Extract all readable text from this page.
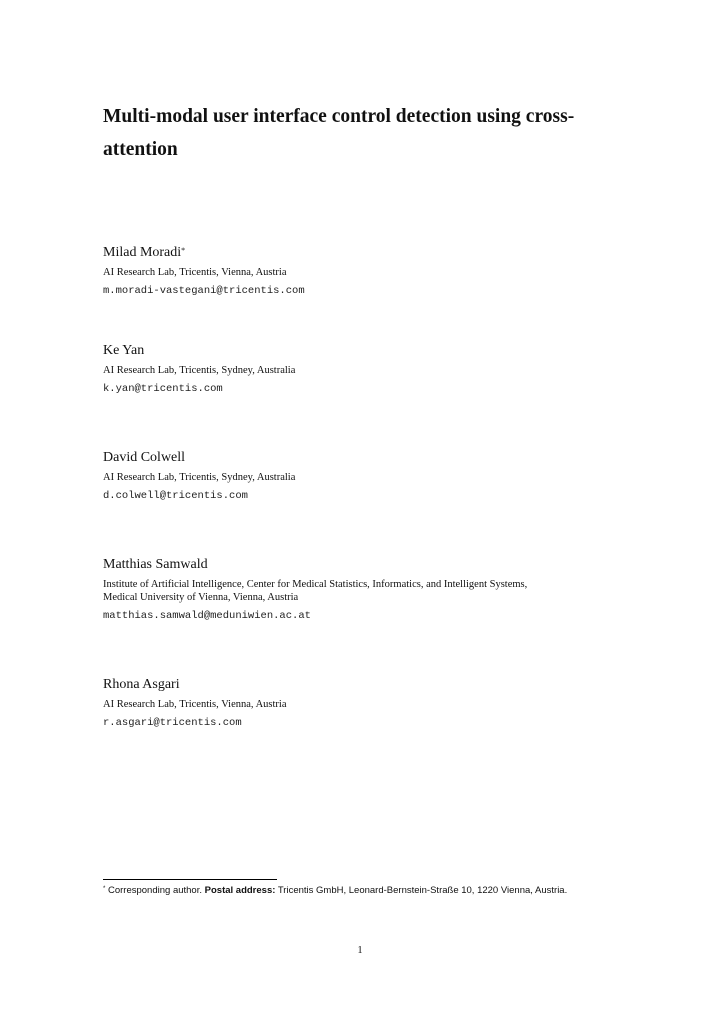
Multi-modal user interface control detection using cross-
attention

Milad Moradi*

AI Research Lab, Tricentis, Vienna, Austria

m.moradi-vastegani@tricentis.com

Ke Yan

AI Research Lab, Tricentis, Sydney, Australia

k.yan@tricentis.com

David Colwell

AI Research Lab, Tricentis, Sydney, Australia

d.colwell@tricentis.com

Matthias Samwald

Institute of Artificial Intelligence, Center for Medical Statistics, Informatics, and Intelligent Systems,
Medical University of Vienna, Vienna, Austria

matthias.samwald@meduniwien.ac.at

Rhona Asgari

AI Research Lab, Tricentis, Vienna, Austria

r.asgari@tricentis.com

* Corresponding author. Postal address: Tricentis GmbH, Leonard-Bernstein-Straße 10, 1220 Vienna, Austria.

1
